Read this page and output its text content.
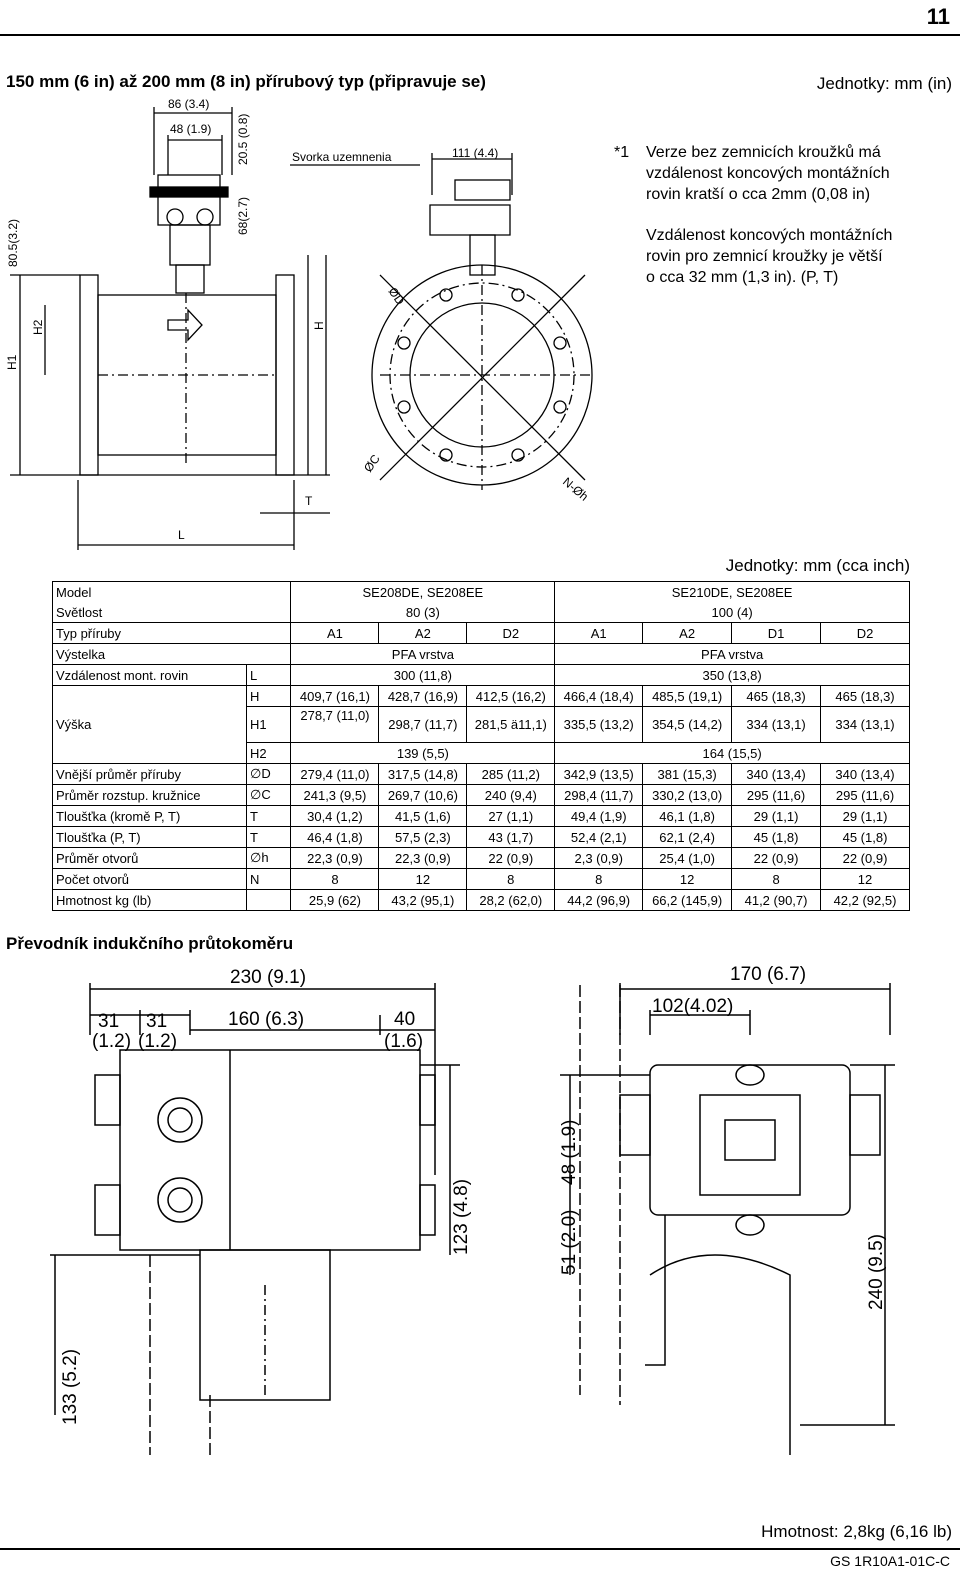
11
150 mm (6 in) až 200 mm (8 in) přírubový typ (připravuje se)	Jednotky: mm (in)
*1 Verze bez zemnicích kroužků má
vzdálenost koncových montážních
rovin kratší o cca 2mm (0,08 in)
Vzdálenost koncových montážních
rovin pro zemnicí kroužky je větší
o cca 32 mm (1,3 in). (P, T)
86 (3.4)
48 (1.9) 20.5 (0.8)
68(2.7)
80.5(3.2)
Svorka uzemnenia	111 (4.4)
H1
H2	H
T
L
ØD
ØC
N-Øh
Jednotky: mm (cca inch)
Model		SE208DE, SE208EE			SE210DE, SE208EE			
Světlost		80 (3)			100 (4)			
Typ příruby		A1	A2	D2	A1	A2	D1	D2
Výstelka		PFA vrstva			PFA vrstva			
Vzdálenost mont. rovin	L	300 (11,8)			350 (13,8)			
Výška	H	409,7 (16,1)	428,7 (16,9)	412,5 (16,2)	466,4 (18,4)	485,5 (19,1)	465 (18,3)	465 (18,3)
	H1	278,7 (11,0)	298,7 (11,7)	281,5 ä11,1)	335,5 (13,2)	354,5 (14,2)	334 (13,1)	334 (13,1)
	H2	139 (5,5)			164 (15,5)			
Vnější průměr příruby	∅D	279,4 (11,0)	317,5 (14,8)	285 (11,2)	342,9 (13,5)	381 (15,3)	340 (13,4)	340 (13,4)
Průměr rozstup. kružnice	∅C	241,3 (9,5)	269,7 (10,6)	240 (9,4)	298,4 (11,7)	330,2 (13,0)	295 (11,6)	295 (11,6)
Tloušťka (kromě P, T)	T	30,4 (1,2)	41,5 (1,6)	27 (1,1)	49,4 (1,9)	46,1 (1,8)	29 (1,1)	29 (1,1)
Tloušťka (P, T)	T	46,4 (1,8)	57,5 (2,3)	43 (1,7)	52,4 (2,1)	62,1 (2,4)	45 (1,8)	45 (1,8)
Průměr otvorů	∅h	22,3 (0,9)	22,3 (0,9)	22 (0,9)	2,3 (0,9)	25,4 (1,0)	22 (0,9)	22 (0,9)
Počet otvorů	N	8	12	8	8	12	8	12
Hmotnost kg (lb)		25,9 (62)	43,2 (95,1)	28,2 (62,0)	44,2 (96,9)	66,2 (145,9)	41,2 (90,7)	42,2 (92,5)
Převodník indukčního průtokoměru
230 (9.1)
31
(1.2)
31
(1.2)
160 (6.3)	40
(1.6)
133 (5.2)
123 (4.8)
170 (6.7)
102(4.02)
48 (1.9)
51 (2.0)	240 (9.5)
Hmotnost: 2,8kg (6,16 lb)
GS 1R10A1-01C-C
